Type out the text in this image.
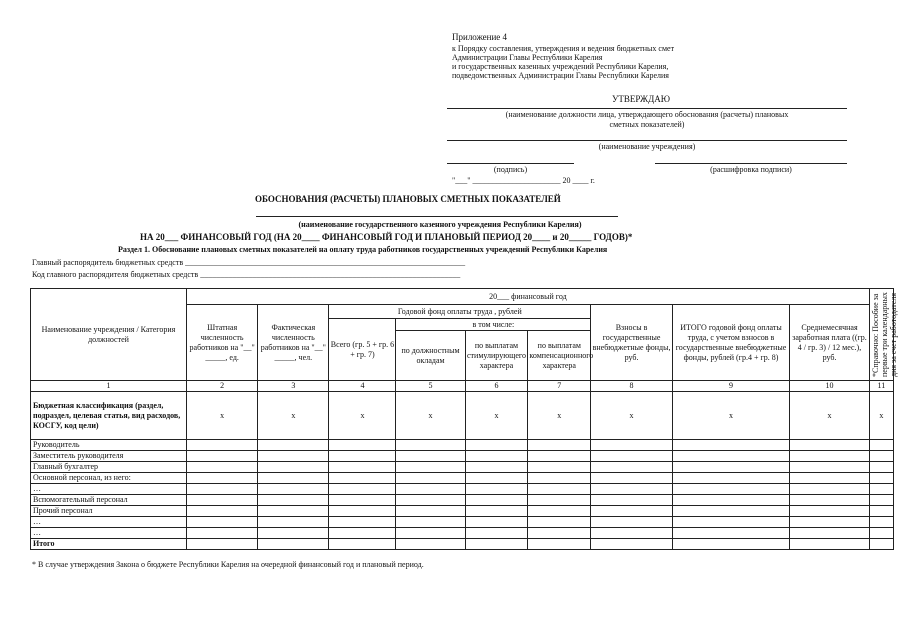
Приложение 4
к Порядку составления, утверждения и ведения бюджетных смет
Администрации Главы Республики Карелия
и государственных казенных учреждений Республики Карелия,
подведомственных Администрации Главы Республики Карелия
УТВЕРЖДАЮ
(наименование должности лица, утверждающего обоснования (расчеты) плановых
сметных показателей)
(наименование учреждения)
(подпись)	(расшифровка подписи)
"___" ______________________ 20 ____ г.
ОБОСНОВАНИЯ (РАСЧЕТЫ) ПЛАНОВЫХ СМЕТНЫХ ПОКАЗАТЕЛЕЙ
(наименование государственного казенного учреждения Республики Карелия)
НА 20___ ФИНАНСОВЫЙ ГОД (НА 20____ ФИНАНСОВЫЙ ГОД И ПЛАНОВЫЙ ПЕРИОД 20____ и 20_____ ГОДОВ)*
Раздел 1. Обоснование плановых сметных показателей на оплату труда работников государственных учреждений Республики Карелия
Главный распорядитель бюджетных средств ______________________________________________________________________
Код главного распорядителя бюджетных средств _________________________________________________________________
Наименование учреждения / Категория должностей	20___ финансовый год									*Справочно: Пособие за первые три календарных дня за счет работодателя

	Штатная численность работников на "__" _____, ед.	Фактическая численность работников на "__" _____, чел.	Годовой фонд оплаты труда , рублей				Взносы в государственные внебюджетные фонды, руб.	ИТОГО годовой фонд оплаты труда, с учетом взносов в государственные внебюджетные фонды, рублей (гр.4 + гр. 8)	Среднемесячная заработная плата ((гр. 4 / гр. 3) / 12 мес.), руб.	
			Всего (гр. 5 + гр. 6 + гр. 7)	в том числе:						
				по должностным окладам	по выплатам стимулирующего характера	по выплатам компенсационного характера				
1	2	3	4	5	6	7	8	9	10	11
Бюджетная классификация (раздел, подраздел, целевая статья, вид расходов, КОСГУ, код цели)	x	x	x	x	x	x	x	x	x	x
Руководитель										
Заместитель руководителя										
Главный бухгалтер										
Основной персонал, из него:										
…										
Вспомогательный персонал										
Прочий персонал										
…										
…										
Итого										
* В случае утверждения Закона о бюджете Республики Карелия на очередной финансовый год и плановый период.
